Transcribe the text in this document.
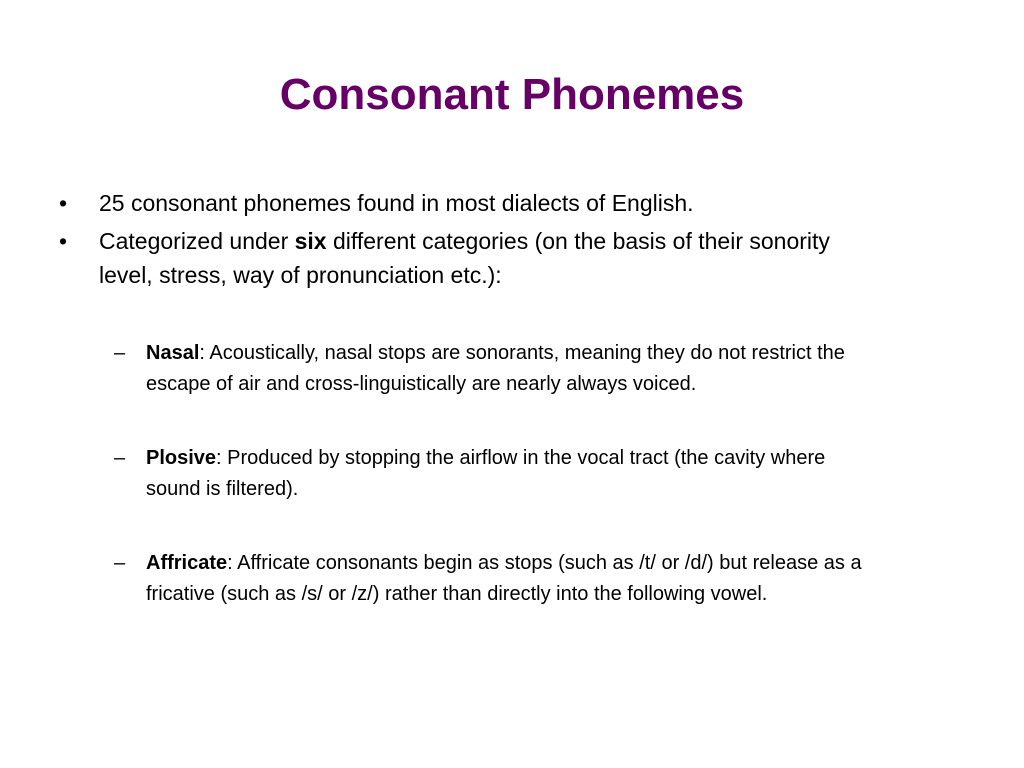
Consonant Phonemes
• 25 consonant phonemes found in most dialects of English.
• Categorized under six different categories (on the basis of their sonority level, stress, way of pronunciation etc.):
– Nasal: Acoustically, nasal stops are sonorants, meaning they do not restrict the escape of air and cross-linguistically are nearly always voiced.
– Plosive: Produced by stopping the airflow in the vocal tract (the cavity where sound is filtered).
– Affricate: Affricate consonants begin as stops (such as /t/ or /d/) but release as a fricative (such as /s/ or /z/) rather than directly into the following vowel.
